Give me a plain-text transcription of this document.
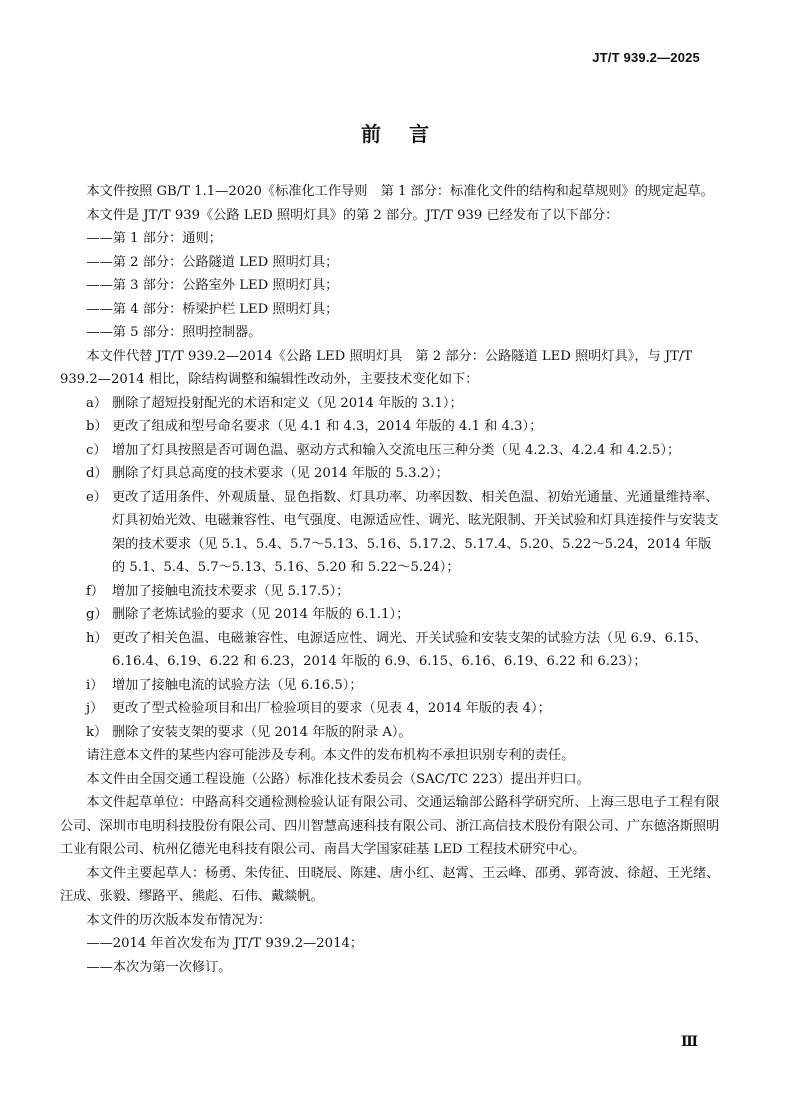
JT/T 939.2—2025
前言

本文件按照 GB/T 1.1—2020《标准化工作导则　第 1 部分：标准化文件的结构和起草规则》的规定起草。

本文件是 JT/T 939《公路 LED 照明灯具》的第 2 部分。JT/T 939 已经发布了以下部分：

——第 1 部分：通则；

——第 2 部分：公路隧道 LED 照明灯具；

——第 3 部分：公路室外 LED 照明灯具；

——第 4 部分：桥梁护栏 LED 照明灯具；

——第 5 部分：照明控制器。

本文件代替 JT/T 939.2—2014《公路 LED 照明灯具　第 2 部分：公路隧道 LED 照明灯具》，与 JT/T 939.2—2014 相比，除结构调整和编辑性改动外，主要技术变化如下：

a） 删除了超短投射配光的术语和定义（见 2014 年版的 3.1）；
b） 更改了组成和型号命名要求（见 4.1 和 4.3，2014 年版的 4.1 和 4.3）；
c） 增加了灯具按照是否可调色温、驱动方式和输入交流电压三种分类（见 4.2.3、4.2.4 和 4.2.5）；
d） 删除了灯具总高度的技术要求（见 2014 年版的 5.3.2）；
e） 更改了适用条件、外观质量、显色指数、灯具功率、功率因数、相关色温、初始光通量、光通量维持率、灯具初始光效、电磁兼容性、电气强度、电源适应性、调光、眩光限制、开关试验和灯具连接件与安装支架的技术要求（见 5.1、5.4、5.7～5.13、5.16、5.17.2、5.17.4、5.20、5.22～5.24，2014 年版的 5.1、5.4、5.7～5.13、5.16、5.20 和 5.22～5.24）；
f） 增加了接触电流技术要求（见 5.17.5）；
g） 删除了老炼试验的要求（见 2014 年版的 6.1.1）；
h） 更改了相关色温、电磁兼容性、电源适应性、调光、开关试验和安装支架的试验方法（见 6.9、6.15、6.16.4、6.19、6.22 和 6.23，2014 年版的 6.9、6.15、6.16、6.19、6.22 和 6.23）；
i） 增加了接触电流的试验方法（见 6.16.5）；
j） 更改了型式检验项目和出厂检验项目的要求（见表 4，2014 年版的表 4）；
k） 删除了安装支架的要求（见 2014 年版的附录 A）。

请注意本文件的某些内容可能涉及专利。本文件的发布机构不承担识别专利的责任。

本文件由全国交通工程设施（公路）标准化技术委员会（SAC/TC 223）提出并归口。

本文件起草单位：中路高科交通检测检验认证有限公司、交通运输部公路科学研究所、上海三思电子工程有限公司、深圳市电明科技股份有限公司、四川智慧高速科技有限公司、浙江高信技术股份有限公司、广东德洛斯照明工业有限公司、杭州亿德光电科技有限公司、南昌大学国家硅基 LED 工程技术研究中心。

本文件主要起草人：杨勇、朱传征、田晓辰、陈建、唐小红、赵霄、王云峰、邵勇、郭奇波、徐超、王光绪、汪成、张毅、缪路平、熊彪、石伟、戴燚帆。

本文件的历次版本发布情况为：

——2014 年首次发布为 JT/T 939.2—2014；

——本次为第一次修订。

Ⅲ
